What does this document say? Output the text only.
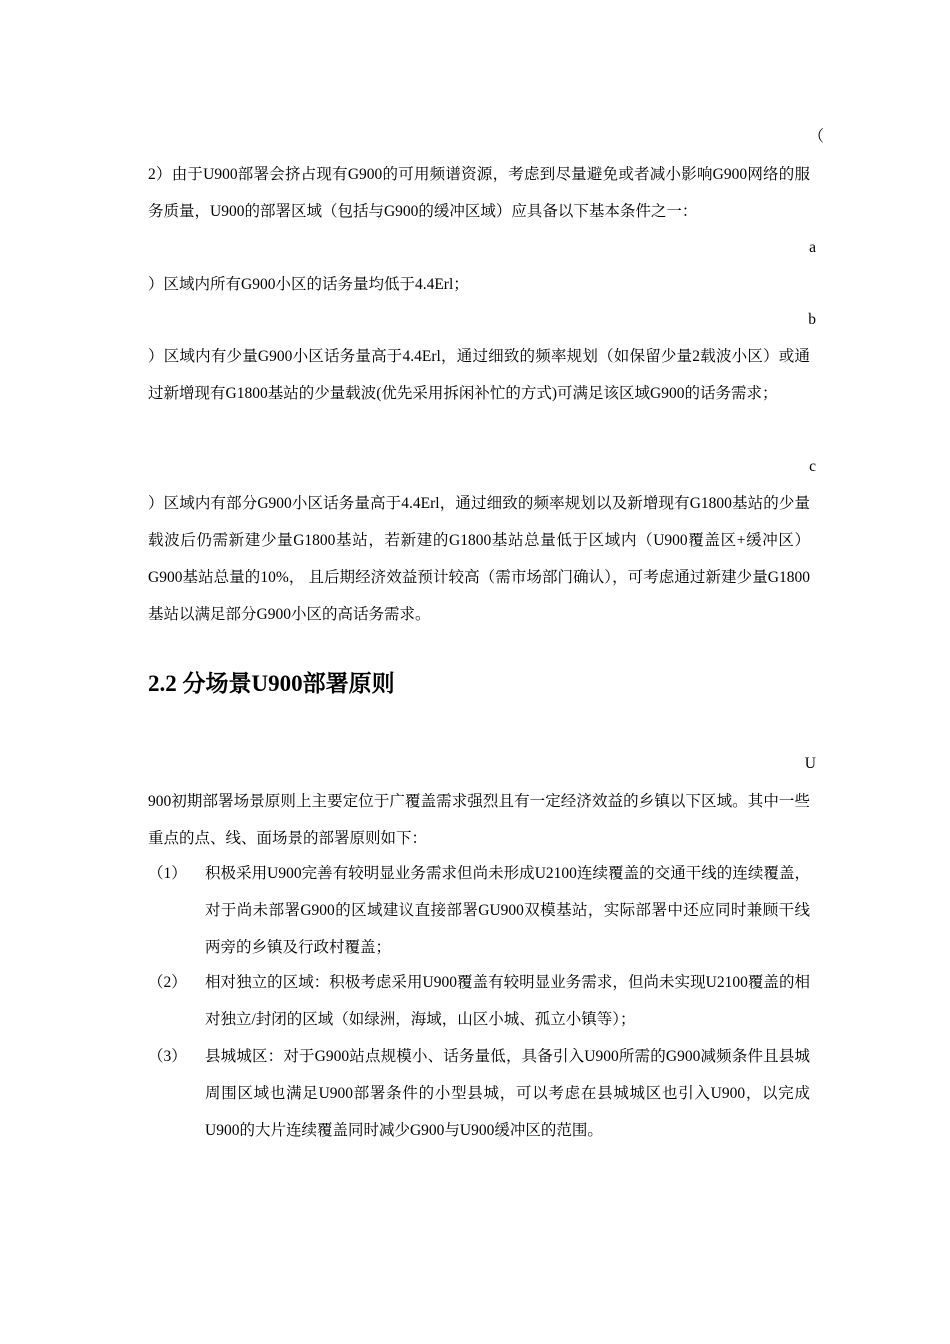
（
2）由于U900部署会挤占现有G900的可用频谱资源，考虑到尽量避免或者减小影响G900网络的服务质量，U900的部署区域（包括与G900的缓冲区域）应具备以下基本条件之一：
a
）区域内所有G900小区的话务量均低于4.4Erl；
b
）区域内有少量G900小区话务量高于4.4Erl，通过细致的频率规划（如保留少量2载波小区）或通过新增现有G1800基站的少量载波(优先采用拆闲补忙的方式)可满足该区域G900的话务需求；
c
）区域内有部分G900小区话务量高于4.4Erl，通过细致的频率规划以及新增现有G1800基站的少量载波后仍需新建少量G1800基站，若新建的G1800基站总量低于区域内（U900覆盖区+缓冲区）G900基站总量的10%， 且后期经济效益预计较高（需市场部门确认），可考虑通过新建少量G1800基站以满足部分G900小区的高话务需求。
2.2 分场景U900部署原则
U
900初期部署场景原则上主要定位于广覆盖需求强烈且有一定经济效益的乡镇以下区域。其中一些重点的点、线、面场景的部署原则如下：
（1）	积极采用U900完善有较明显业务需求但尚未形成U2100连续覆盖的交通干线的连续覆盖，对于尚未部署G900的区域建议直接部署GU900双模基站，实际部署中还应同时兼顾干线两旁的乡镇及行政村覆盖；
（2）	相对独立的区域：积极考虑采用U900覆盖有较明显业务需求，但尚未实现U2100覆盖的相对独立/封闭的区域（如绿洲，海域，山区小城、孤立小镇等）；
（3）	县城城区：对于G900站点规模小、话务量低，具备引入U900所需的G900减频条件且县城周围区域也满足U900部署条件的小型县城，可以考虑在县城城区也引入U900，以完成U900的大片连续覆盖同时减少G900与U900缓冲区的范围。
